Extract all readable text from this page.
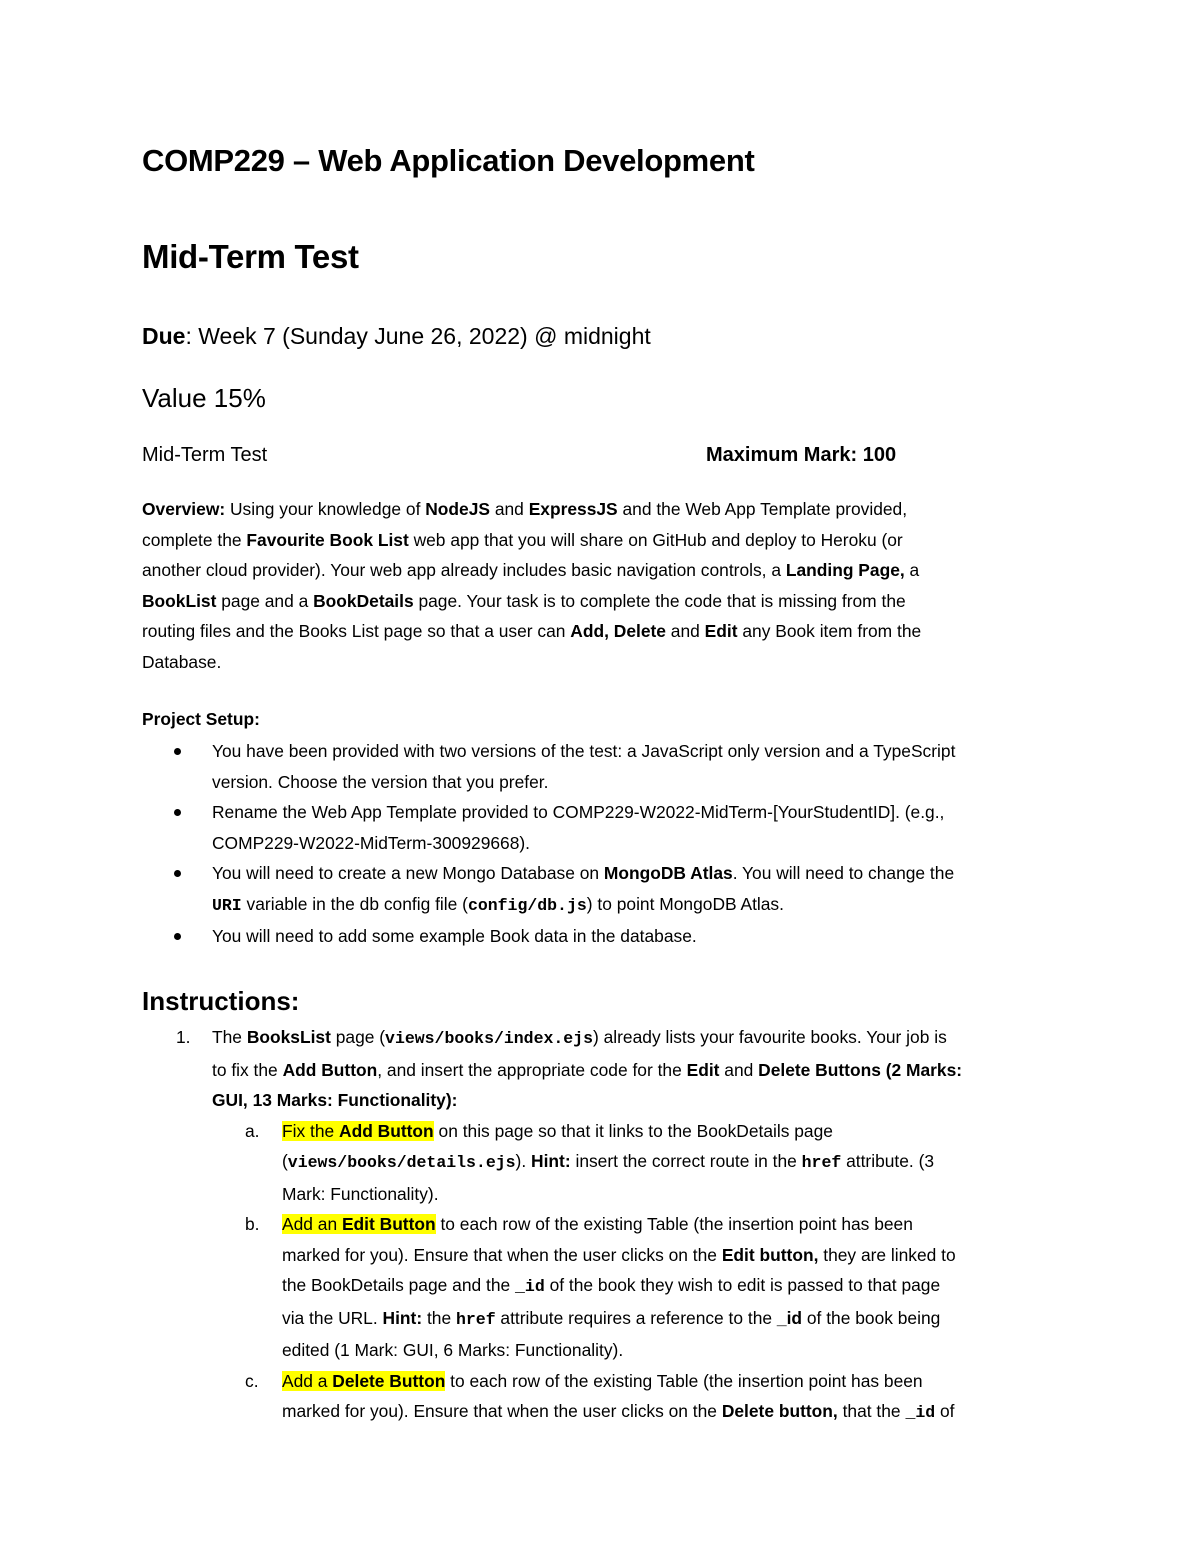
COMP229 – Web Application Development
Mid-Term Test
Due: Week 7 (Sunday June 26, 2022) @ midnight
Value 15%
Mid-Term Test	Maximum Mark: 100
Overview: Using your knowledge of NodeJS and ExpressJS and the Web App Template provided,
complete the Favourite Book List web app that you will share on GitHub and deploy to Heroku (or
another cloud provider). Your web app already includes basic navigation controls, a Landing Page, a
BookList page and a BookDetails page. Your task is to complete the code that is missing from the
routing files and the Books List page so that a user can Add, Delete and Edit any Book item from the
Database.
Project Setup:
You have been provided with two versions of the test: a JavaScript only version and a TypeScript
version. Choose the version that you prefer.
Rename the Web App Template provided to COMP229-W2022-MidTerm-[YourStudentID]. (e.g.,
COMP229-W2022-MidTerm-300929668).
You will need to create a new Mongo Database on MongoDB Atlas. You will need to change the
URI variable in the db config file (config/db.js) to point MongoDB Atlas.
You will need to add some example Book data in the database.
Instructions:
1. The BooksList page (views/books/index.ejs) already lists your favourite books. Your job is
to fix the Add Button, and insert the appropriate code for the Edit and Delete Buttons (2 Marks:
GUI, 13 Marks: Functionality):
a. Fix the Add Button on this page so that it links to the BookDetails page
(views/books/details.ejs). Hint: insert the correct route in the href attribute. (3
Mark: Functionality).
b. Add an Edit Button to each row of the existing Table (the insertion point has been
marked for you). Ensure that when the user clicks on the Edit button, they are linked to
the BookDetails page and the _id of the book they wish to edit is passed to that page
via the URL. Hint: the href attribute requires a reference to the _id of the book being
edited (1 Mark: GUI, 6 Marks: Functionality).
c. Add a Delete Button to each row of the existing Table (the insertion point has been
marked for you). Ensure that when the user clicks on the Delete button, that the _id of
